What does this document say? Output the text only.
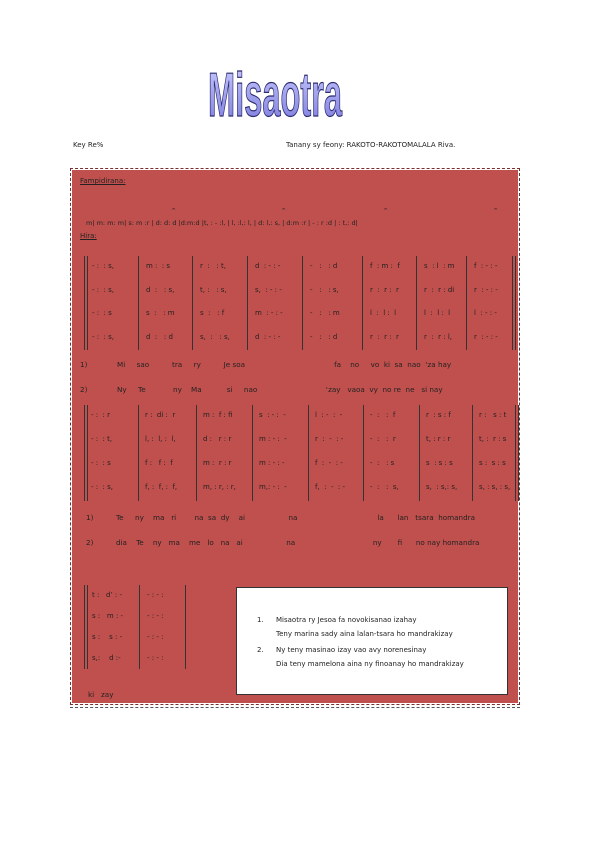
Misaotra
Key Re%	Tanany sy feony: RAKOTO-RAKOTOMALALA Riva.
Fampidirana:
𝄐	𝄐	𝄐	𝄐
m| m: m: m| s: m :r | d: d: d |d:m:d |t, : - :l, | l, :l,: l, | d: l,: s, | d:m :r | - : r :d | : t,: d|
Hira:
ki   zay
- :  : s,	m :  : s	r  :   : t,	d  : - : -	-   :   : d	f  : m :  f	s  : l  : m	f  : - : -
- :  : s,	d  :   : s,	t, :   : s,	s,  : - : -	-   :   : s,	r  :  r :  r	r  :  r : di	r  : - : -
- :  : s	s  :   : m	s  :   : f	m  : - : -	-   :   : m	l  :  l :  l	l  :  l :  l	l  : - : -
- :  : s,	d  :   : d	s,  :   : s,	d  : - : -	-   :   : d	r  :  r :  r	r  :  r : l,	r  : - : -
1)	Mi     sao          tra     ry          Je soa                                       fa    no     vo  ki  sa  nao  ‘za hay
2)	Ny     Te            ny    Ma           si     nao                              ‘zay   vaoa  vy  no re  ne   si nay
- :  : r	r :  di :  r	m :  f : fi	s  : - :  -	l  : -  :  -	-  :   :  f	r  : s : f	r :   s : t
- :  : t,	l, :  l, :  l,	d :   r : r	m : - :  -	r  :  -  : -	-  :   :  r	t, : r : r	t, :  r : s
- :  : s	f :   f :  f	m :  r : r	m : - : -	f  :  -  : -	-  :   : s	s  : s : s	s :  s : s
- :  : s,	f, :  f, :  f,	m, : r, : r,	m,: - :  -	f,  :  -  : -	-  :   :  s,	s,  : s,: s,	s, : s, : s,
1)	Te     ny    ma   ri        na  sa  dy    ai                   na                                   la      lan   tsara  homandra
2)	dia    Te    ny   ma    me   lo   na   ai                   na                                  ny       fi      no nay homandra
t :   d’ : -	- : - :
s :   m : -	- : - :
s :    s : -	- : - :
s,:    d :-	- : - :
1. Misaotra ry Jesoa fa novokisanao izahay
Teny marina sady aina lalan-tsara ho mandrakizay
2. Ny teny masinao izay vao avy norenesinay
Dia teny mamelona aina ny finoanay ho mandrakizay
